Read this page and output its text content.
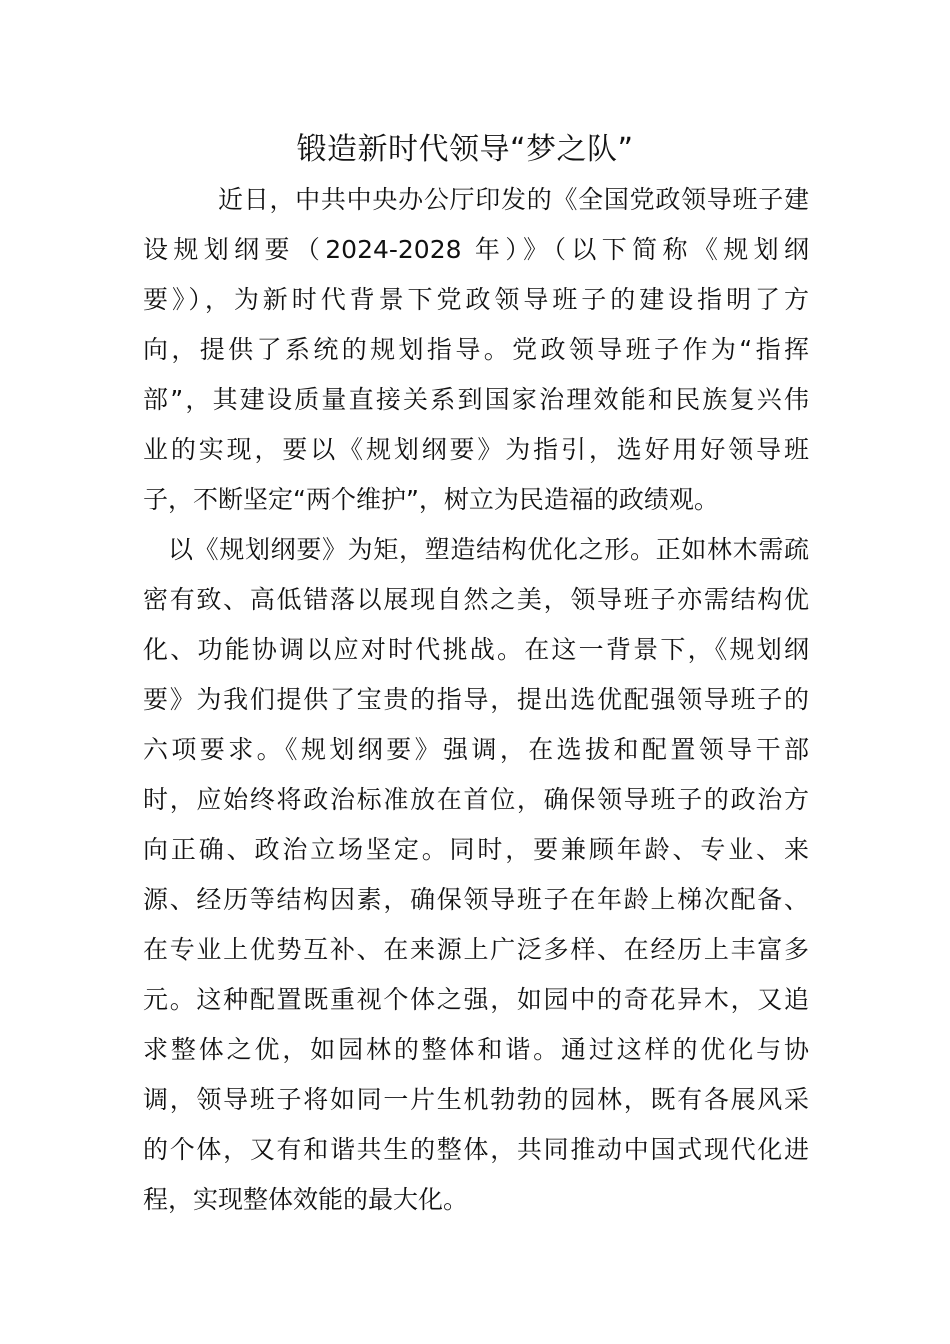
锻造新时代领导“梦之队”
近日，中共中央办公厅印发的《全国党政领导班子建
设规划纲要（2024-2028 年）》（以下简称《规划纲
要》），为新时代背景下党政领导班子的建设指明了方
向，提供了系统的规划指导。党政领导班子作为“指挥
部”，其建设质量直接关系到国家治理效能和民族复兴伟
业的实现，要以《规划纲要》为指引，选好用好领导班
子，不断坚定“两个维护”，树立为民造福的政绩观。
以《规划纲要》为矩，塑造结构优化之形。正如林木需疏
密有致、高低错落以展现自然之美，领导班子亦需结构优
化、功能协调以应对时代挑战。在这一背景下，《规划纲
要》为我们提供了宝贵的指导，提出选优配强领导班子的
六项要求。《规划纲要》强调，在选拔和配置领导干部
时，应始终将政治标准放在首位，确保领导班子的政治方
向正确、政治立场坚定。同时，要兼顾年龄、专业、来
源、经历等结构因素，确保领导班子在年龄上梯次配备、
在专业上优势互补、在来源上广泛多样、在经历上丰富多
元。这种配置既重视个体之强，如园中的奇花异木，又追
求整体之优，如园林的整体和谐。通过这样的优化与协
调，领导班子将如同一片生机勃勃的园林，既有各展风采
的个体，又有和谐共生的整体，共同推动中国式现代化进
程，实现整体效能的最大化。
